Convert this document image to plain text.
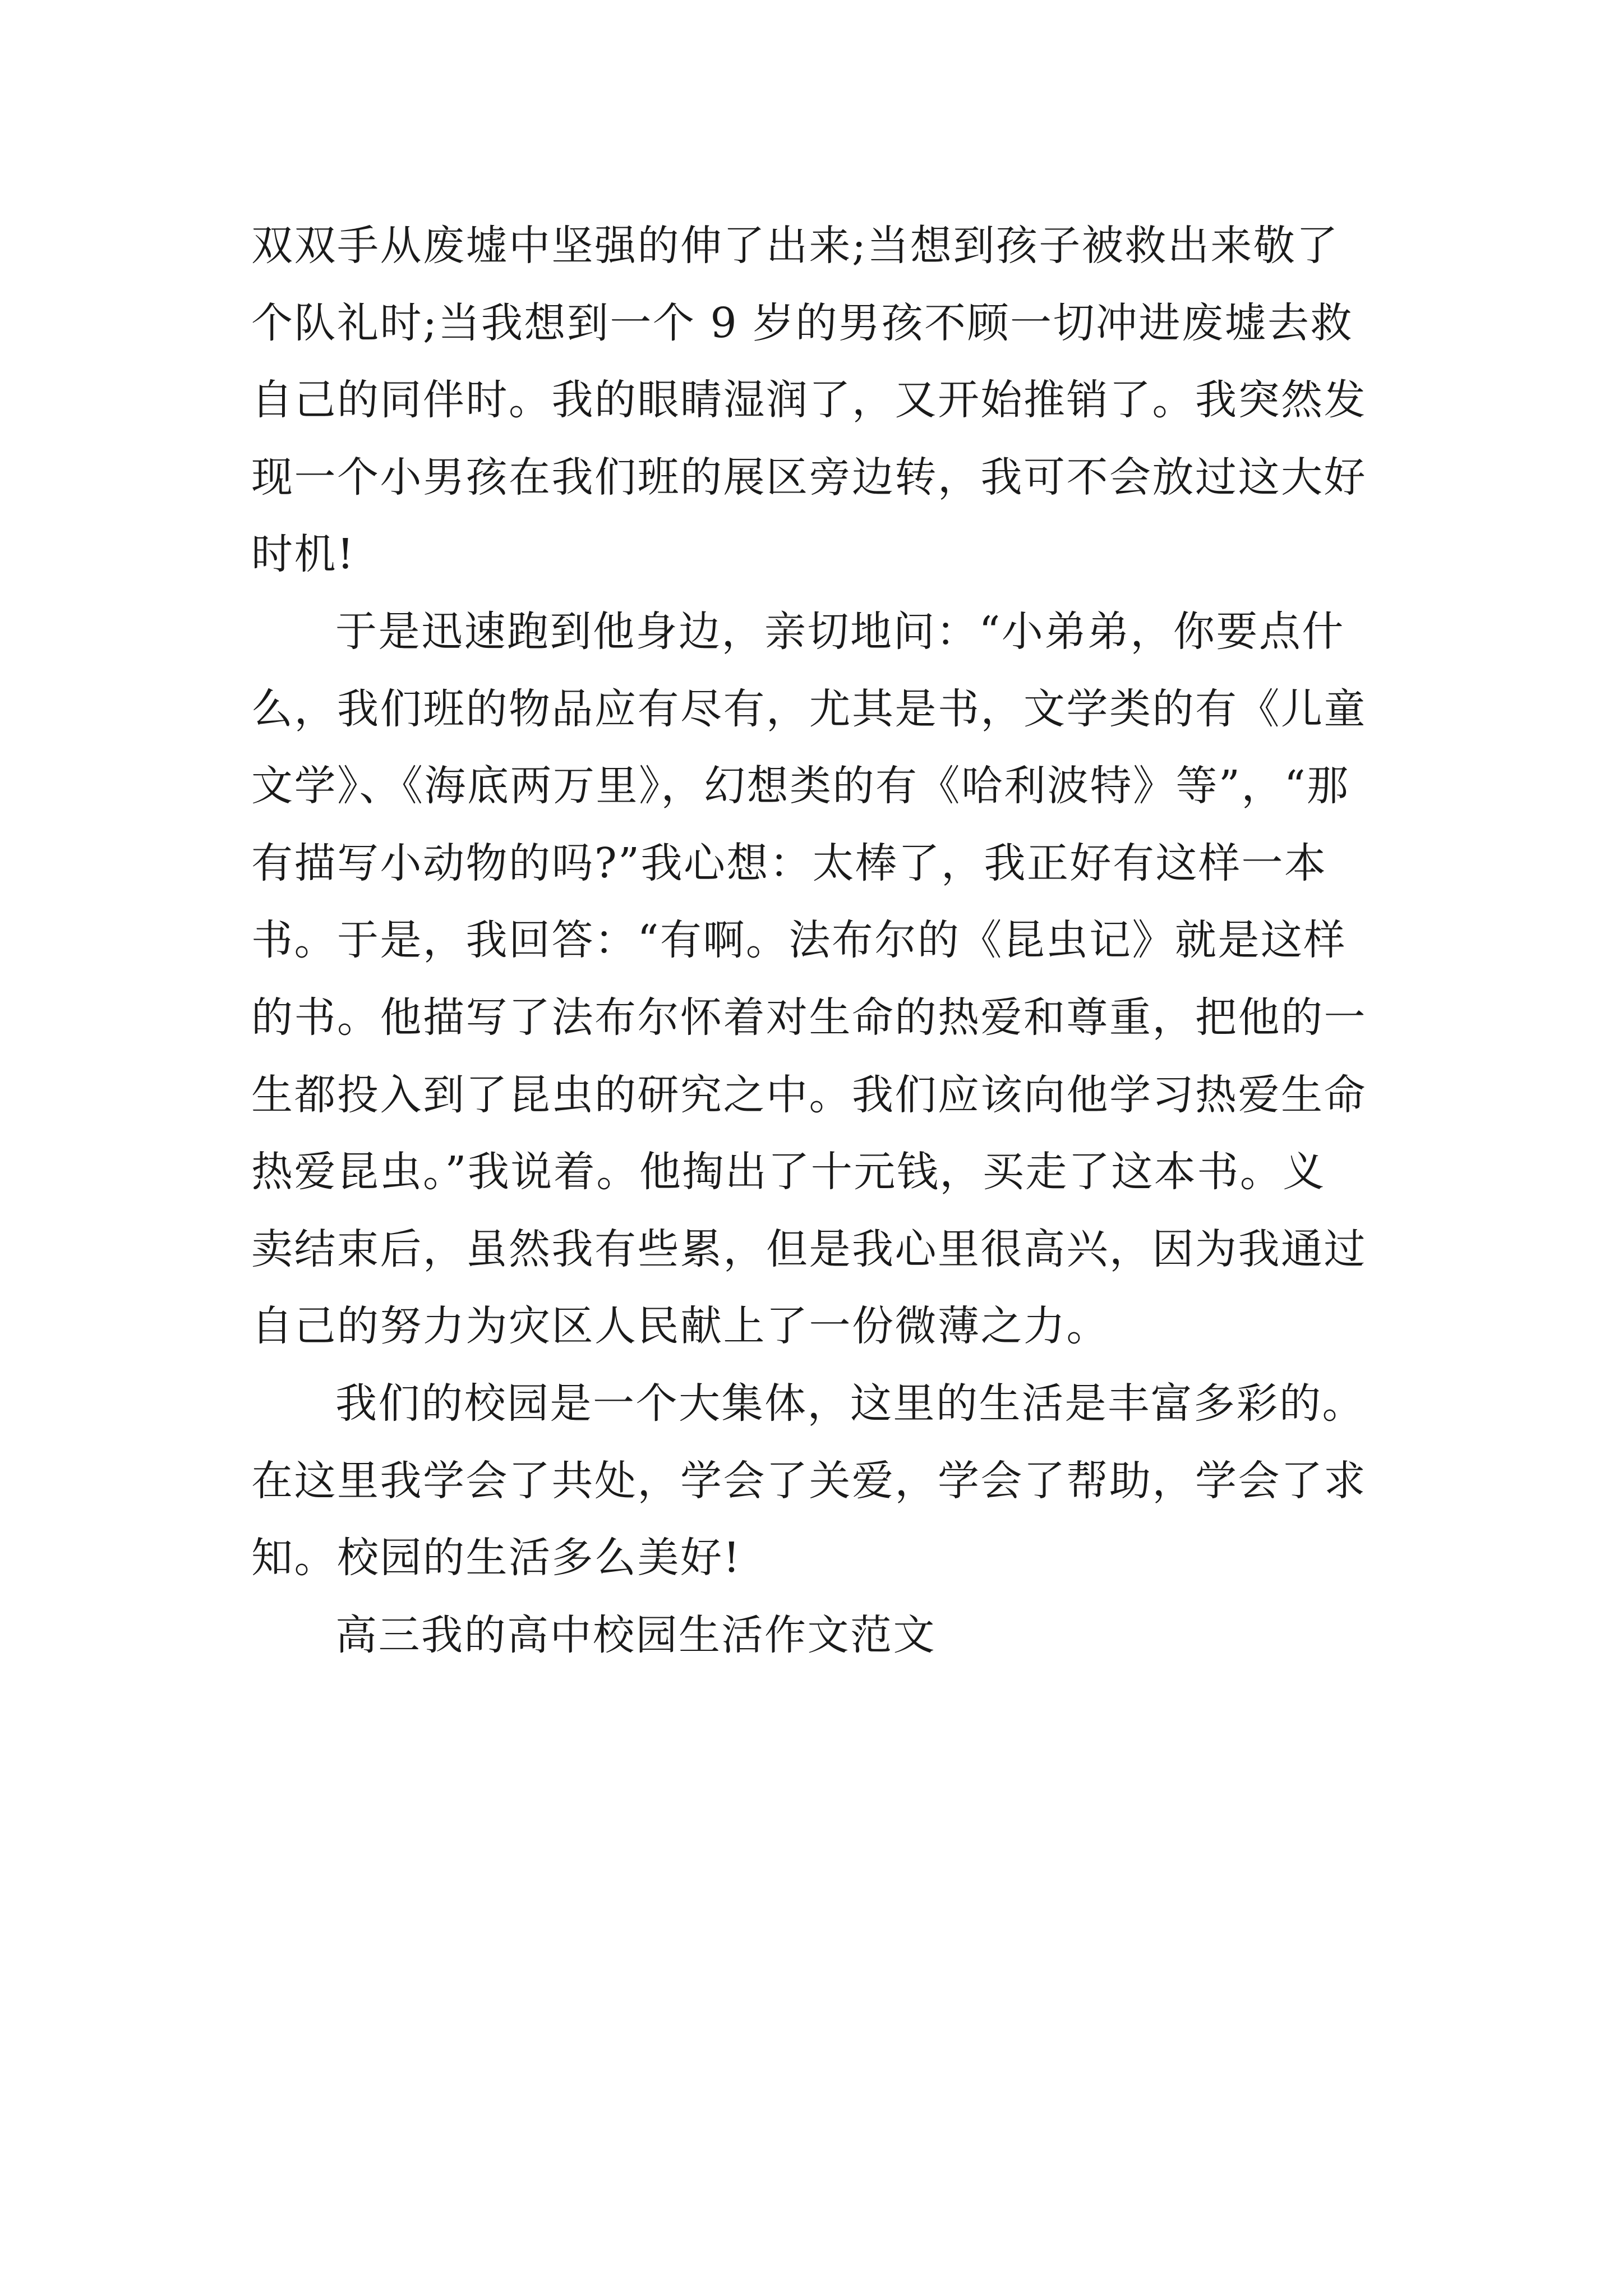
双双手从废墟中坚强的伸了出来;当想到孩子被救出来敬了
个队礼时;当我想到一个 9 岁的男孩不顾一切冲进废墟去救
自己的同伴时。我的眼睛湿润了，又开始推销了。我突然发
现一个小男孩在我们班的展区旁边转，我可不会放过这大好
时机!
于是迅速跑到他身边，亲切地问：“小弟弟，你要点什
么，我们班的物品应有尽有，尤其是书，文学类的有《儿童
文学》、《海底两万里》，幻想类的有《哈利波特》等”，“那
有描写小动物的吗?”我心想：太棒了，我正好有这样一本
书。于是，我回答：“有啊。法布尔的《昆虫记》就是这样
的书。他描写了法布尔怀着对生命的热爱和尊重，把他的一
生都投入到了昆虫的研究之中。我们应该向他学习热爱生命
热爱昆虫。”我说着。他掏出了十元钱，买走了这本书。义
卖结束后，虽然我有些累，但是我心里很高兴，因为我通过
自己的努力为灾区人民献上了一份微薄之力。
我们的校园是一个大集体，这里的生活是丰富多彩的。
在这里我学会了共处，学会了关爱，学会了帮助，学会了求
知。校园的生活多么美好!
高三我的高中校园生活作文范文
